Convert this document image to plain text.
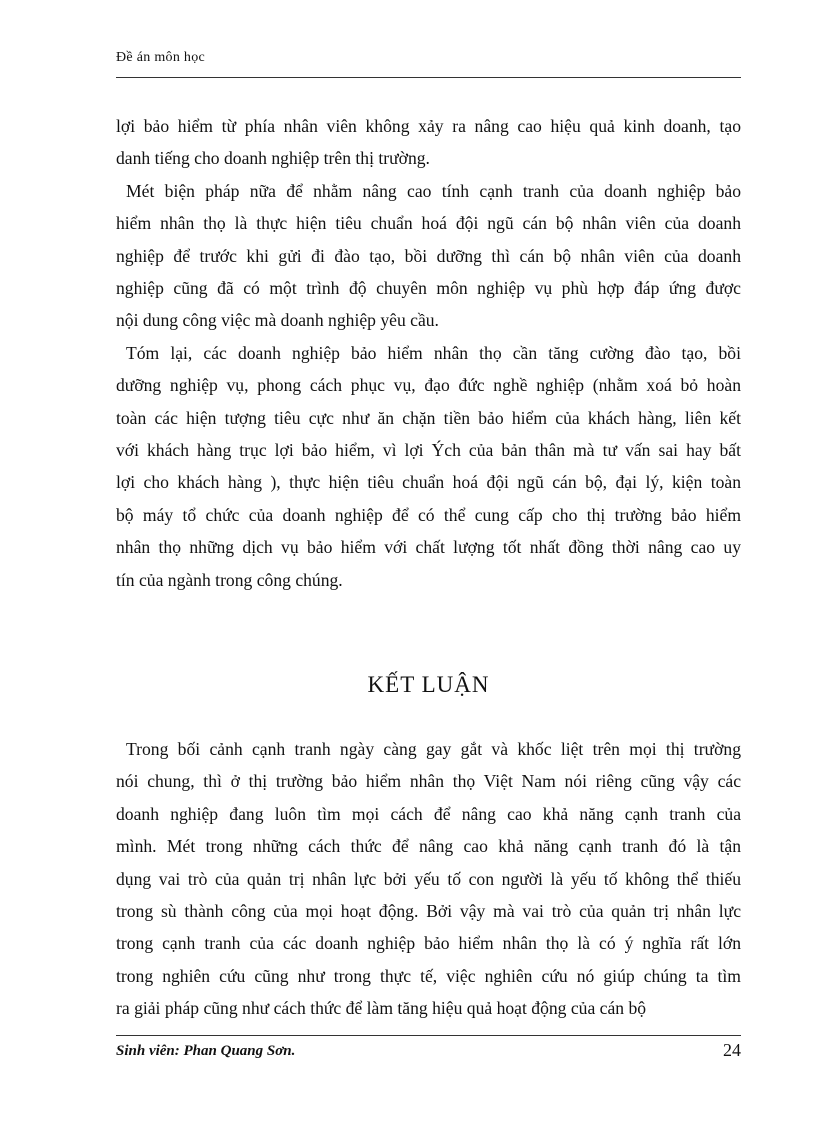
Đề án môn học
lợi bảo hiểm từ phía nhân viên không xảy ra nâng cao hiệu quả kinh doanh, tạo
danh tiếng cho doanh nghiệp trên thị trường.
Mét biện pháp nữa để nhằm nâng cao tính cạnh tranh của doanh nghiệp bảo
hiểm nhân thọ là thực hiện tiêu chuẩn hoá đội ngũ cán bộ nhân viên của doanh
nghiệp để trước khi gửi đi đào tạo, bồi dưỡng thì cán bộ nhân viên của doanh
nghiệp cũng đã có một trình độ chuyên môn nghiệp vụ phù hợp đáp ứng được
nội dung công việc mà doanh nghiệp yêu cầu.
Tóm lại, các doanh nghiệp bảo hiểm nhân thọ cần tăng cường đào tạo, bồi
dưỡng nghiệp vụ, phong cách phục vụ, đạo đức nghề nghiệp (nhằm xoá bỏ hoàn
toàn các hiện tượng tiêu cực như ăn chặn tiền bảo hiểm của khách hàng, liên kết
với khách hàng trục lợi bảo hiểm, vì lợi Ých của bản thân mà tư vấn sai hay bất
lợi cho khách hàng ), thực hiện tiêu chuẩn hoá đội ngũ cán bộ, đại lý, kiện toàn
bộ máy tổ chức của doanh nghiệp để có thể cung cấp cho thị trường bảo hiểm
nhân thọ những dịch vụ bảo hiểm với chất lượng tốt nhất đồng thời nâng cao uy
tín của ngành trong công chúng.
KẾT LUẬN
Trong bối cảnh cạnh tranh ngày càng gay gắt và khốc liệt trên mọi thị trường
nói chung, thì ở thị trường bảo hiểm nhân thọ Việt Nam nói riêng cũng vậy các
doanh nghiệp đang luôn tìm mọi cách để nâng cao khả năng cạnh tranh của
mình. Mét trong những cách thức để nâng cao khả năng cạnh tranh đó là tận
dụng vai trò của quản trị nhân lực bởi yếu tố con người là yếu tố không thể thiếu
trong sù thành công của mọi hoạt động. Bởi vậy mà vai trò của quản trị nhân lực
trong cạnh tranh của các doanh nghiệp bảo hiểm nhân thọ là có ý nghĩa rất lớn
trong nghiên cứu cũng như trong thực tế, việc nghiên cứu nó giúp chúng ta tìm
ra giải pháp cũng như cách thức để làm tăng hiệu quả hoạt động của cán bộ
Sinh viên: Phan Quang Sơn.	24
